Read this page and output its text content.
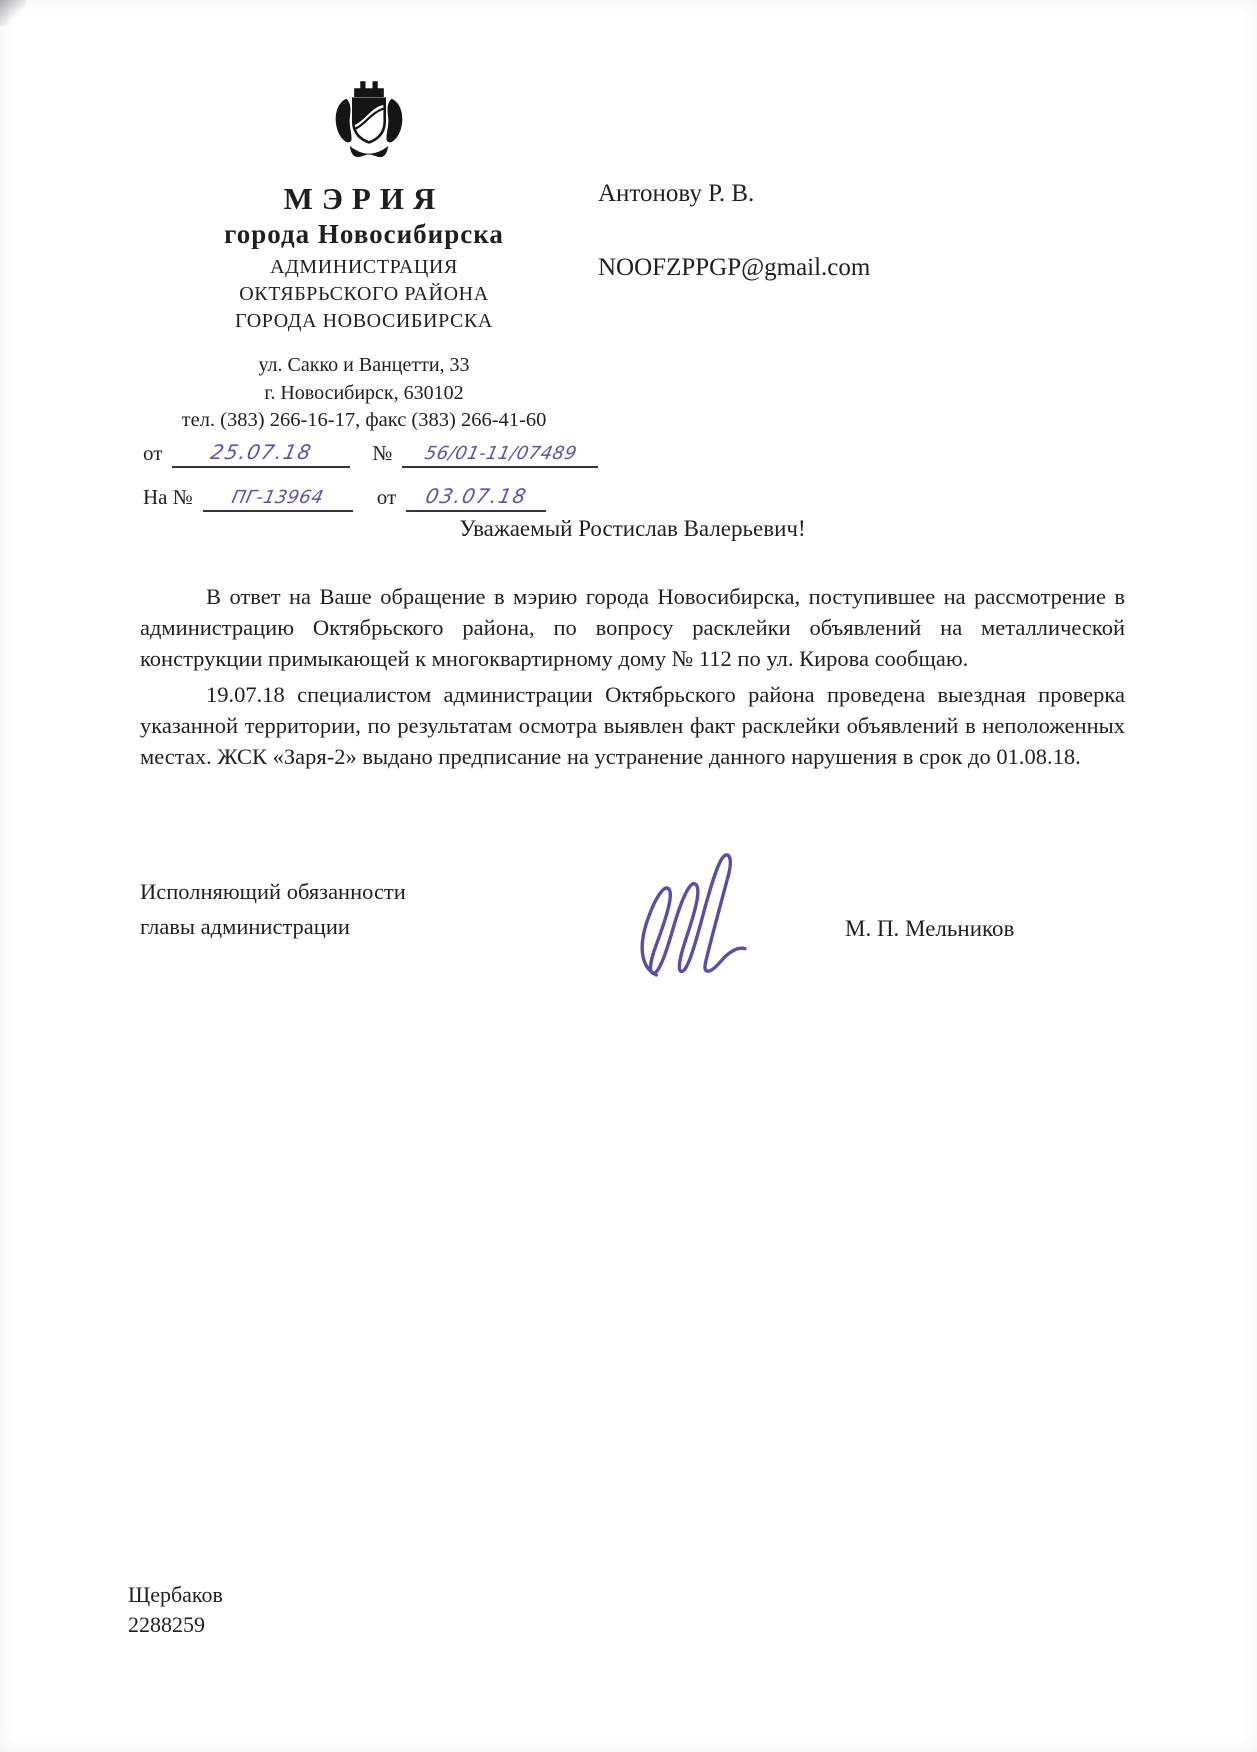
МЭРИЯ
города Новосибирска
АДМИНИСТРАЦИЯ
ОКТЯБРЬСКОГО РАЙОНА
ГОРОДА НОВОСИБИРСКА
ул. Сакко и Ванцетти, 33
г. Новосибирск, 630102
тел. (383) 266-16-17, факс (383) 266-41-60
от	25.07.18	№	56/01-11/07489
На №	ПГ-13964	от	03.07.18
Антонову Р. В.
NOOFZPPGP@gmail.com
Уважаемый Ростислав Валерьевич!

В ответ на Ваше обращение в мэрию города Новосибирска, поступившее на рассмотрение в администрацию Октябрьского района, по вопросу расклейки объявлений на металлической конструкции примыкающей к многоквартирному дому № 112 по ул. Кирова сообщаю.

19.07.18 специалистом администрации Октябрьского района проведена выездная проверка указанной территории, по результатам осмотра выявлен факт расклейки объявлений в неположенных местах. ЖСК «Заря-2» выдано предписание на устранение данного нарушения в срок до 01.08.18.

Исполняющий обязанности
главы администрации	М. П. Мельников
Щербаков
2288259
